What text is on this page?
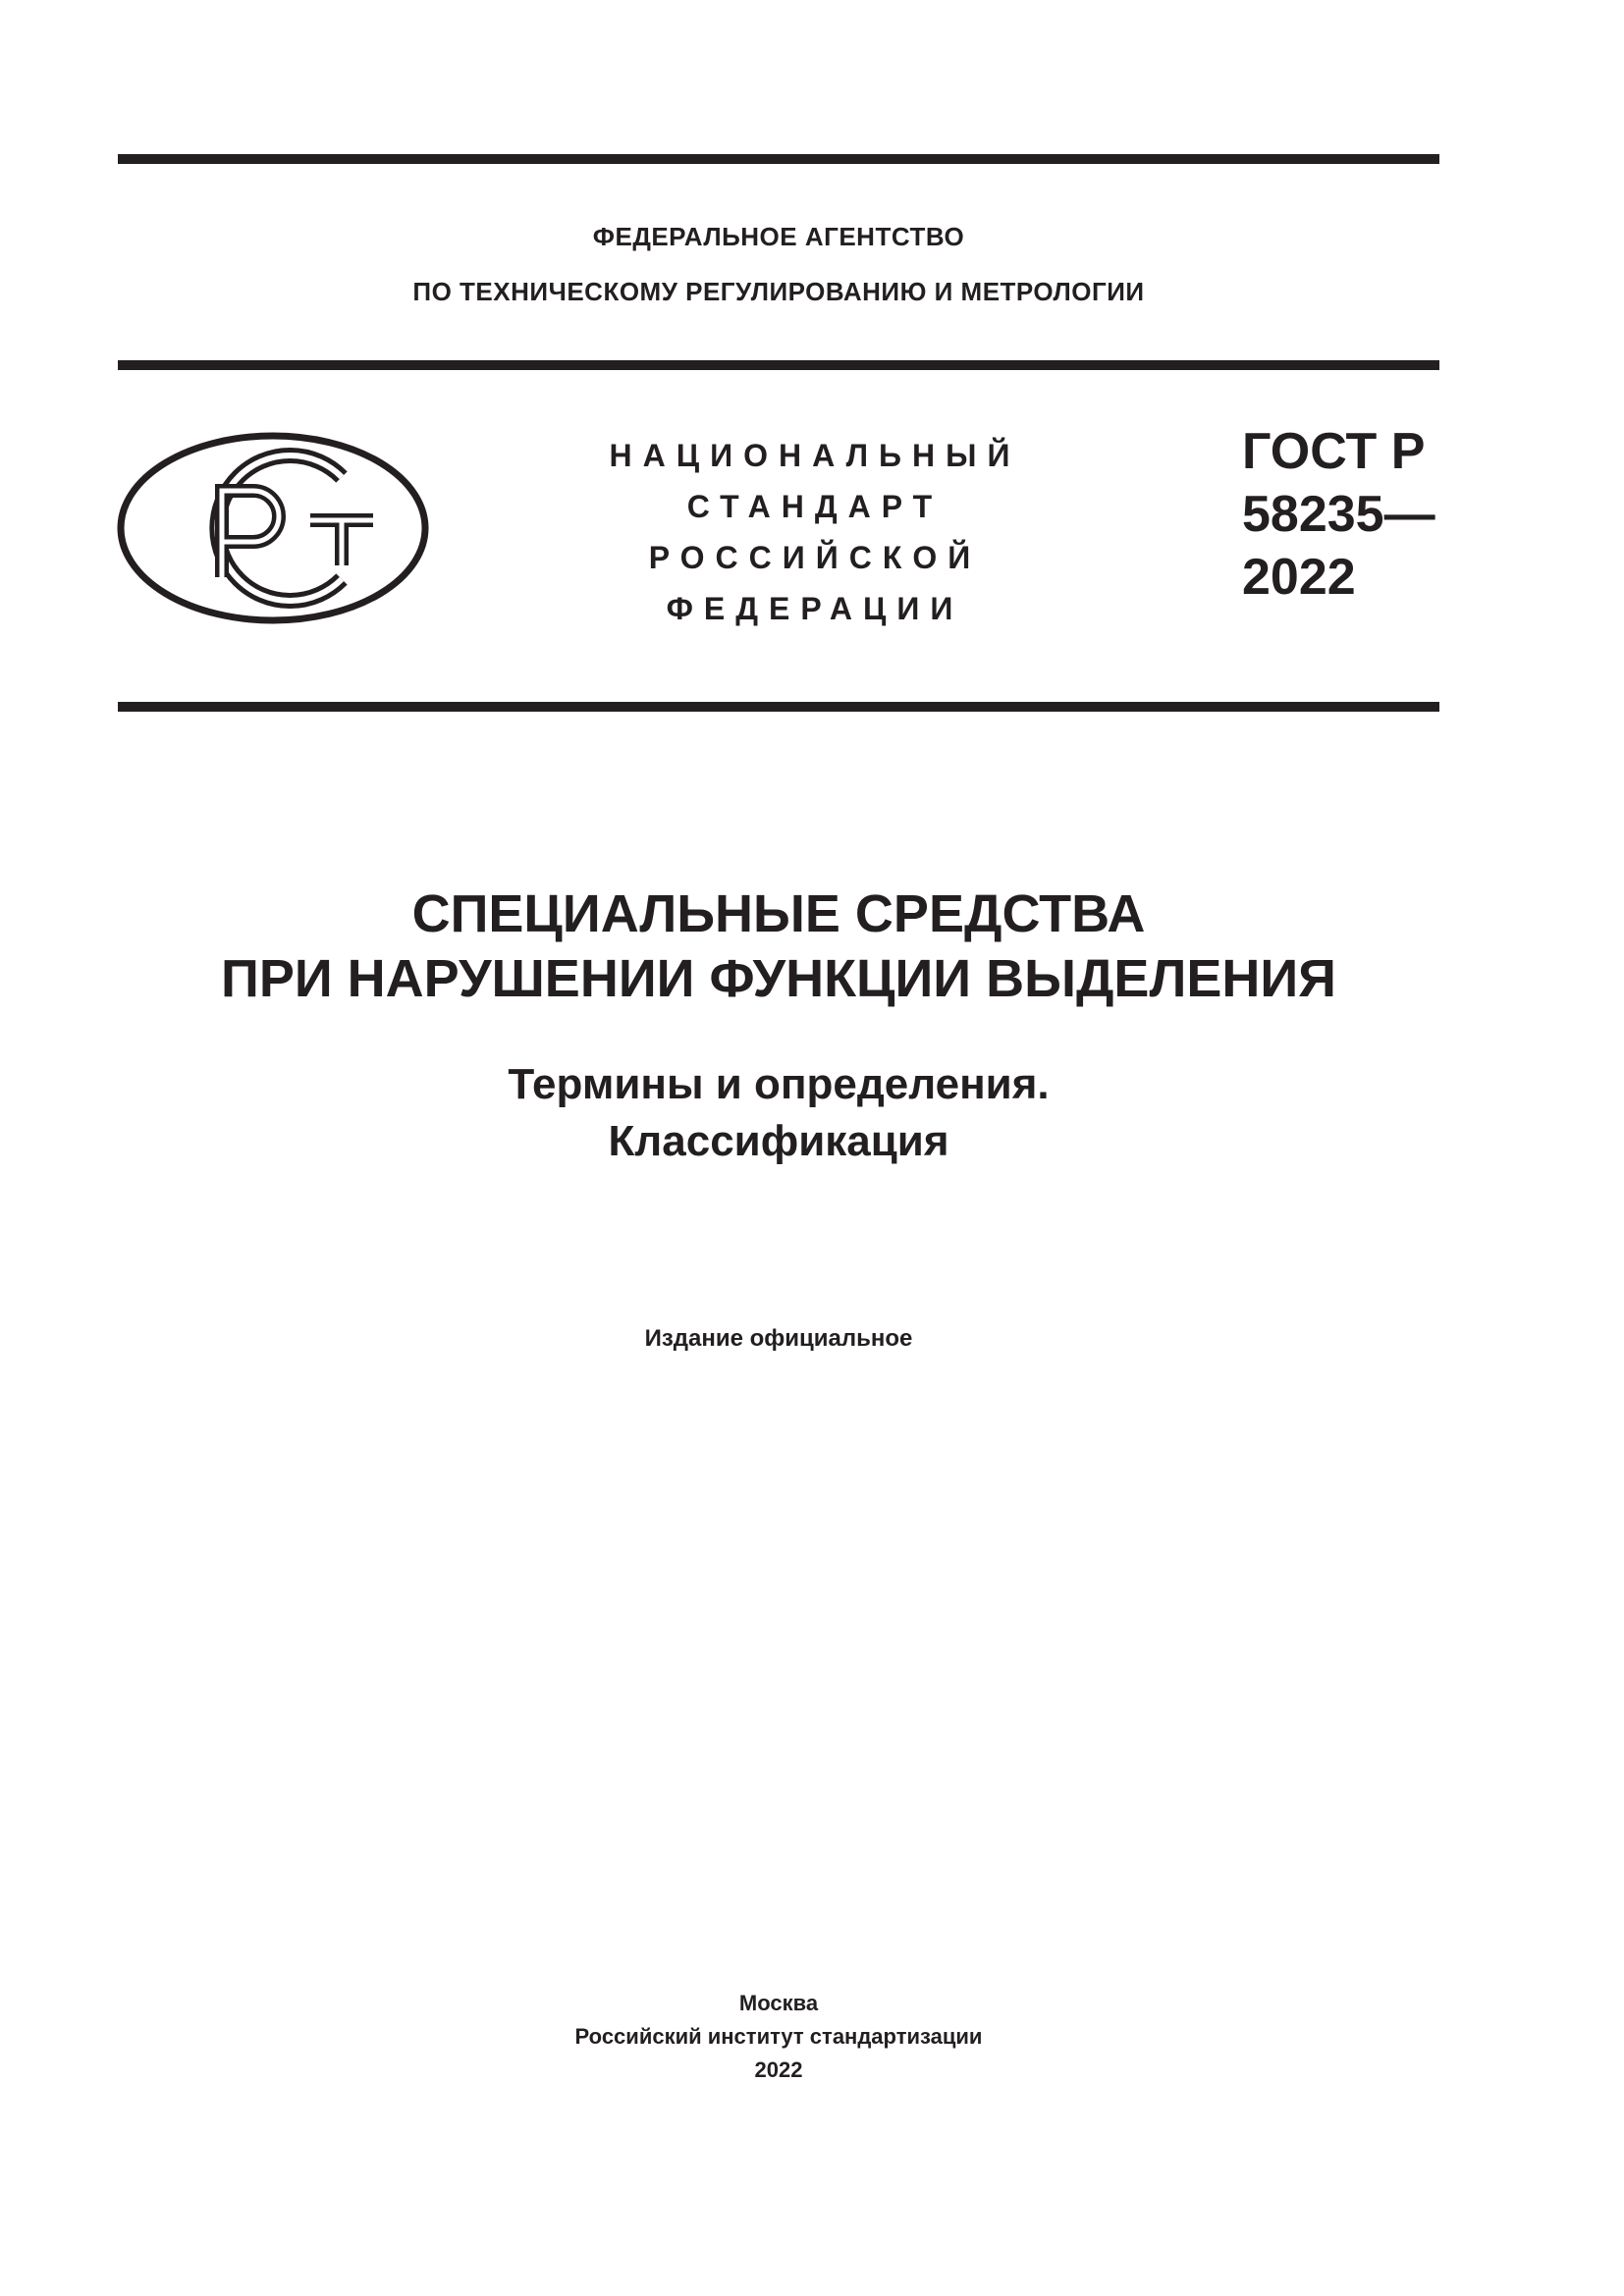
ФЕДЕРАЛЬНОЕ АГЕНТСТВО
ПО ТЕХНИЧЕСКОМУ РЕГУЛИРОВАНИЮ И МЕТРОЛОГИИ
НАЦИОНАЛЬНЫЙ
СТАНДАРТ
РОССИЙСКОЙ
ФЕДЕРАЦИИ
ГОСТ Р
58235—
2022
СПЕЦИАЛЬНЫЕ СРЕДСТВА
ПРИ НАРУШЕНИИ ФУНКЦИИ ВЫДЕЛЕНИЯ
Термины и определения.
Классификация
Издание официальное
Москва
Российский институт стандартизации
2022
